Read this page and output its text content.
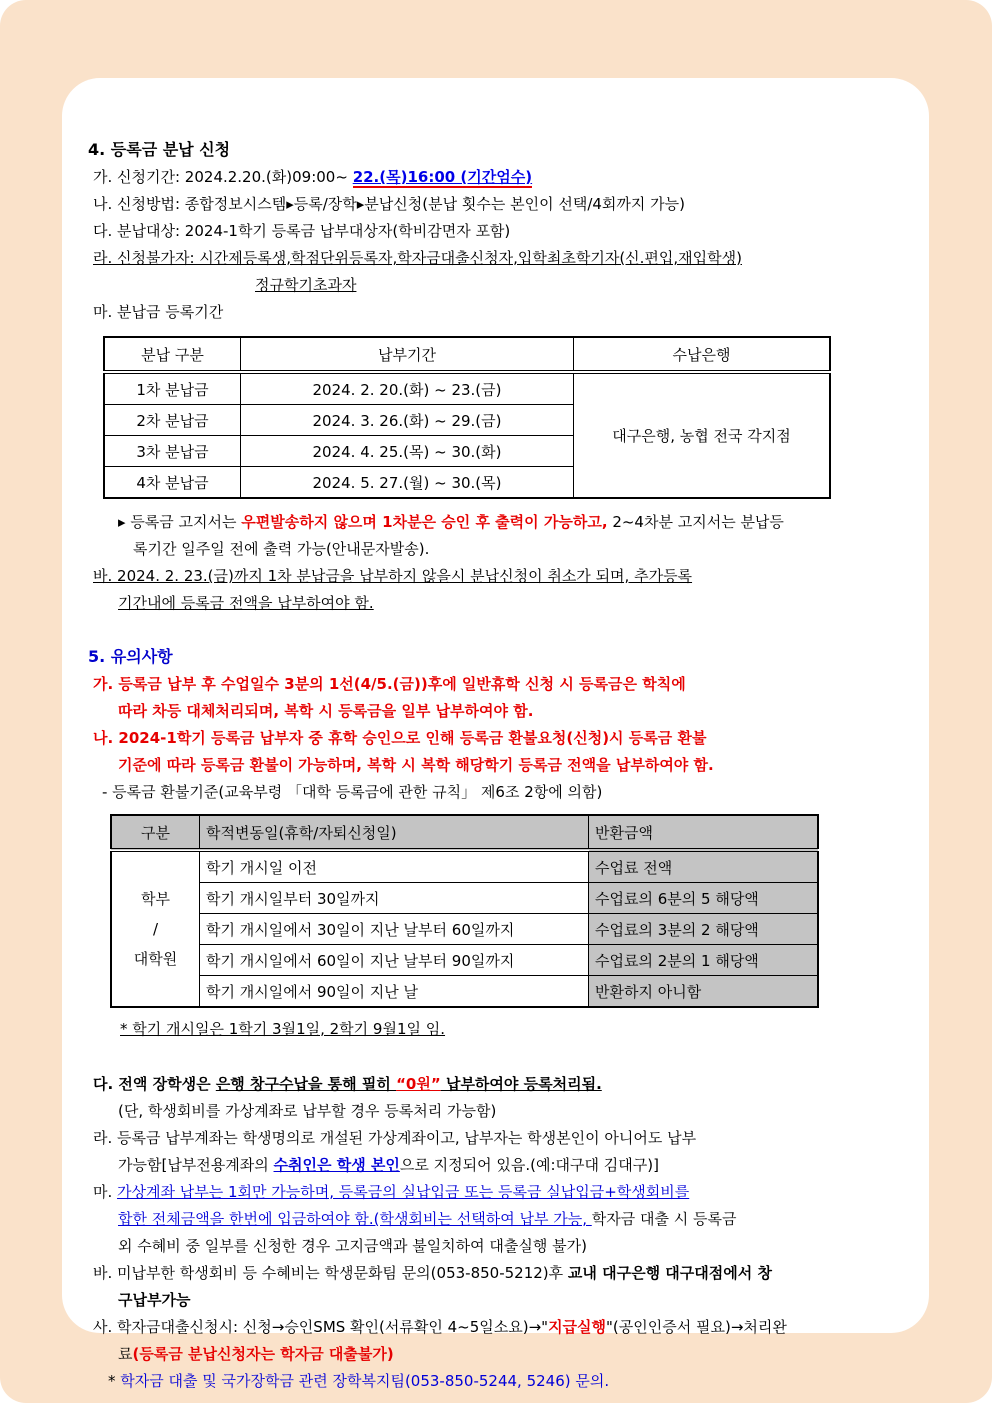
4. 등록금 분납 신청
가. 신청기간: 2024.2.20.(화)09:00~ 22.(목)16:00 (기간엄수)
나. 신청방법: 종합정보시스템▸등록/장학▸분납신청(분납 횟수는 본인이 선택/4회까지 가능)
다. 분납대상: 2024-1학기 등록금 납부대상자(학비감면자 포함)
라. 신청불가자: 시간제등록생,학점단위등록자,학자금대출신청자,입학최초학기자(신.편입,재입학생)
정규학기초과자
마. 분납금 등록기간
분납 구분	납부기간	수납은행
1차 분납금	2024. 2. 20.(화) ~ 23.(금)	대구은행, 농협 전국 각지점
2차 분납금	2024. 3. 26.(화) ~ 29.(금)	
3차 분납금	2024. 4. 25.(목) ~ 30.(화)	
4차 분납금	2024. 5. 27.(월) ~ 30.(목)	
▸ 등록금 고지서는 우편발송하지 않으며 1차분은 승인 후 출력이 가능하고, 2~4차분 고지서는 분납등
록기간 일주일 전에 출력 가능(안내문자발송).
바. 2024. 2. 23.(금)까지 1차 분납금을 납부하지 않을시 분납신청이 취소가 되며, 추가등록
기간내에 등록금 전액을 납부하여야 함.
5. 유의사항
가. 등록금 납부 후 수업일수 3분의 1선(4/5.(금))후에 일반휴학 신청 시 등록금은 학칙에
따라 차등 대체처리되며, 복학 시 등록금을 일부 납부하여야 함.
나. 2024-1학기 등록금 납부자 중 휴학 승인으로 인해 등록금 환불요청(신청)시 등록금 환불
기준에 따라 등록금 환불이 가능하며, 복학 시 복학 해당학기 등록금 전액을 납부하여야 함.
- 등록금 환불기준(교육부령 「대학 등록금에 관한 규칙」 제6조 2항에 의함)
구분	학적변동일(휴학/자퇴신청일)	반환금액

학부
/
대학원	학기 개시일 이전	수업료 전액
	학기 개시일부터 30일까지	수업료의 6분의 5 해당액
	학기 개시일에서 30일이 지난 날부터 60일까지	수업료의 3분의 2 해당액
	학기 개시일에서 60일이 지난 날부터 90일까지	수업료의 2분의 1 해당액
	학기 개시일에서 90일이 지난 날	반환하지 아니함
* 학기 개시일은 1학기 3월1일, 2학기 9월1일 임.
다. 전액 장학생은 은행 창구수납을 통해 필히 “0원” 납부하여야 등록처리됨.
(단, 학생회비를 가상계좌로 납부할 경우 등록처리 가능함)
라. 등록금 납부계좌는 학생명의로 개설된 가상계좌이고, 납부자는 학생본인이 아니어도 납부
가능함[납부전용계좌의 수취인은 학생 본인으로 지정되어 있음.(예:대구대 김대구)]
마. 가상계좌 납부는 1회만 가능하며, 등록금의 실납입금 또는 등록금 실납입금+학생회비를
합한 전체금액을 한번에 입금하여야 함.(학생회비는 선택하여 납부 가능, 학자금 대출 시 등록금
외 수혜비 중 일부를 신청한 경우 고지금액과 불일치하여 대출실행 불가)
바. 미납부한 학생회비 등 수혜비는 학생문화팀 문의(053-850-5212)후 교내 대구은행 대구대점에서 창
구납부가능
사. 학자금대출신청시: 신청→승인SMS 확인(서류확인 4~5일소요)→"지급실행"(공인인증서 필요)→처리완
료(등록금 분납신청자는 학자금 대출불가)
* 학자금 대출 및 국가장학금 관련 장학복지팀(053-850-5244, 5246) 문의.
